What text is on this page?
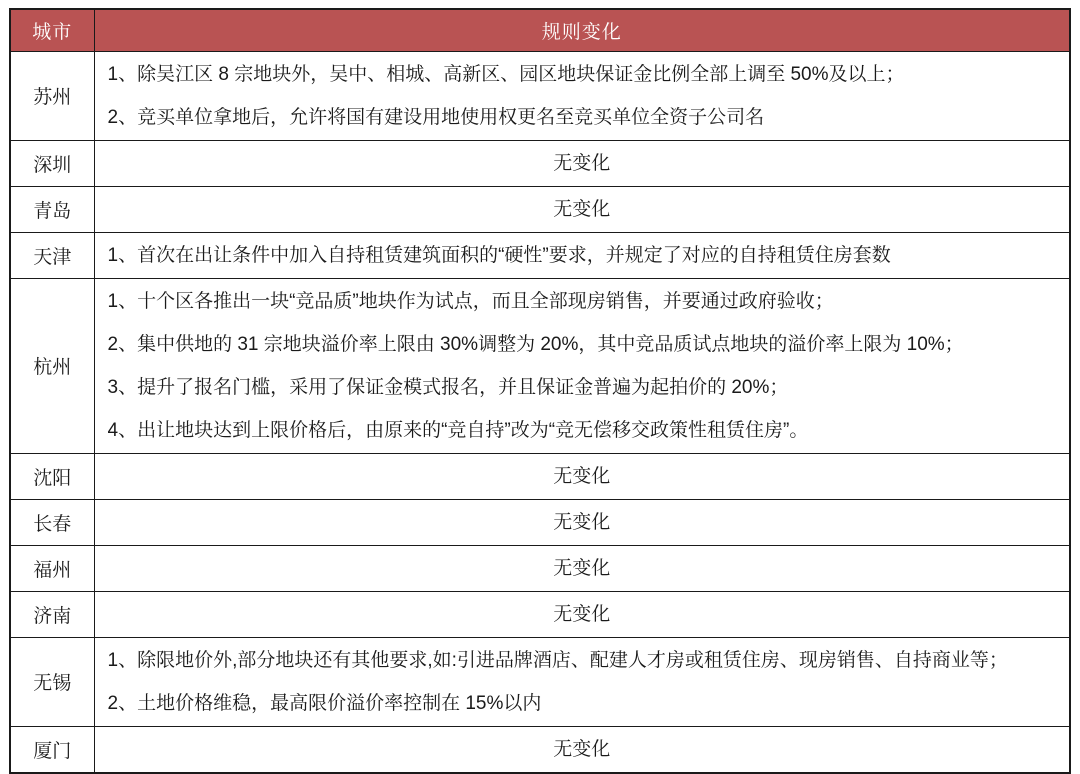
城市	规则变化
苏州	1、除吴江区 8 宗地块外，吴中、相城、高新区、园区地块保证金比例全部上调至 50%及以上；

2、竞买单位拿地后，允许将国有建设用地使用权更名至竞买单位全资子公司名

深圳	无变化

青岛	无变化

天津	1、首次在出让条件中加入自持租赁建筑面积的“硬性”要求，并规定了对应的自持租赁住房套数

杭州	1、十个区各推出一块“竞品质”地块作为试点，而且全部现房销售，并要通过政府验收；

2、集中供地的 31 宗地块溢价率上限由 30%调整为 20%，其中竞品质试点地块的溢价率上限为 10%；

3、提升了报名门槛，采用了保证金模式报名，并且保证金普遍为起拍价的 20%；

4、出让地块达到上限价格后，由原来的“竞自持”改为“竞无偿移交政策性租赁住房”。

沈阳	无变化

长春	无变化

福州	无变化

济南	无变化

无锡	1、除限地价外,部分地块还有其他要求,如:引进品牌酒店、配建人才房或租赁住房、现房销售、自持商业等；

2、土地价格维稳，最高限价溢价率控制在 15%以内

厦门	无变化
